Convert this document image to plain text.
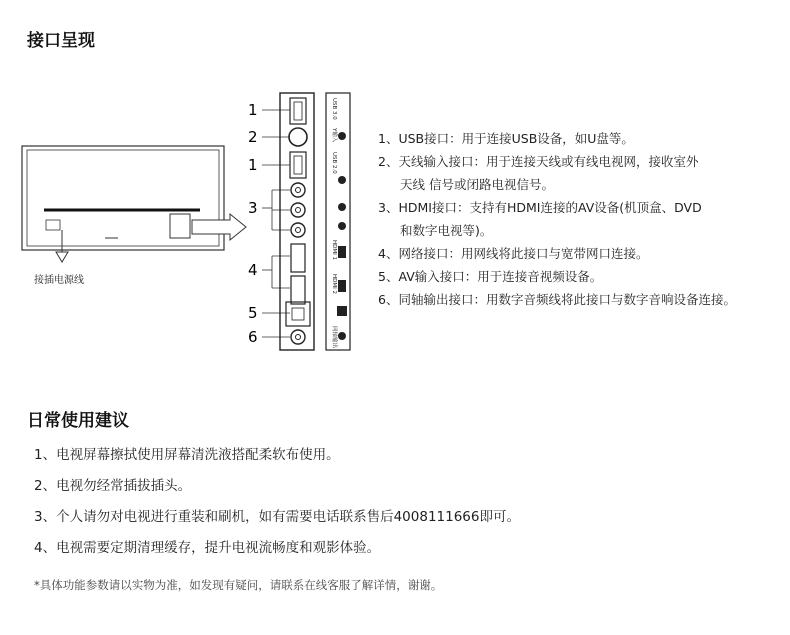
接口呈现
1
2
1
3
4
5
6
USB 3.0
Y输入
USB 2.0
HDMI 1
HDMI 2
同轴输出
接插电源线
1、USB接口：用于连接USB设备，如U盘等。
2、天线输入接口：用于连接天线或有线电视网，接收室外
天线 信号或闭路电视信号。
3、HDMI接口：支持有HDMI连接的AV设备(机顶盒、DVD
和数字电视等)。
4、网络接口：用网线将此接口与宽带网口连接。
5、AV输入接口：用于连接音视频设备。
6、同轴输出接口：用数字音频线将此接口与数字音响设备连接。
日常使用建议
1、电视屏幕擦拭使用屏幕清洗液搭配柔软布使用。
2、电视勿经常插拔插头。
3、个人请勿对电视进行重装和刷机，如有需要电话联系售后4008111666即可。
4、电视需要定期清理缓存，提升电视流畅度和观影体验。
*具体功能参数请以实物为准，如发现有疑问，请联系在线客服了解详情，谢谢。
